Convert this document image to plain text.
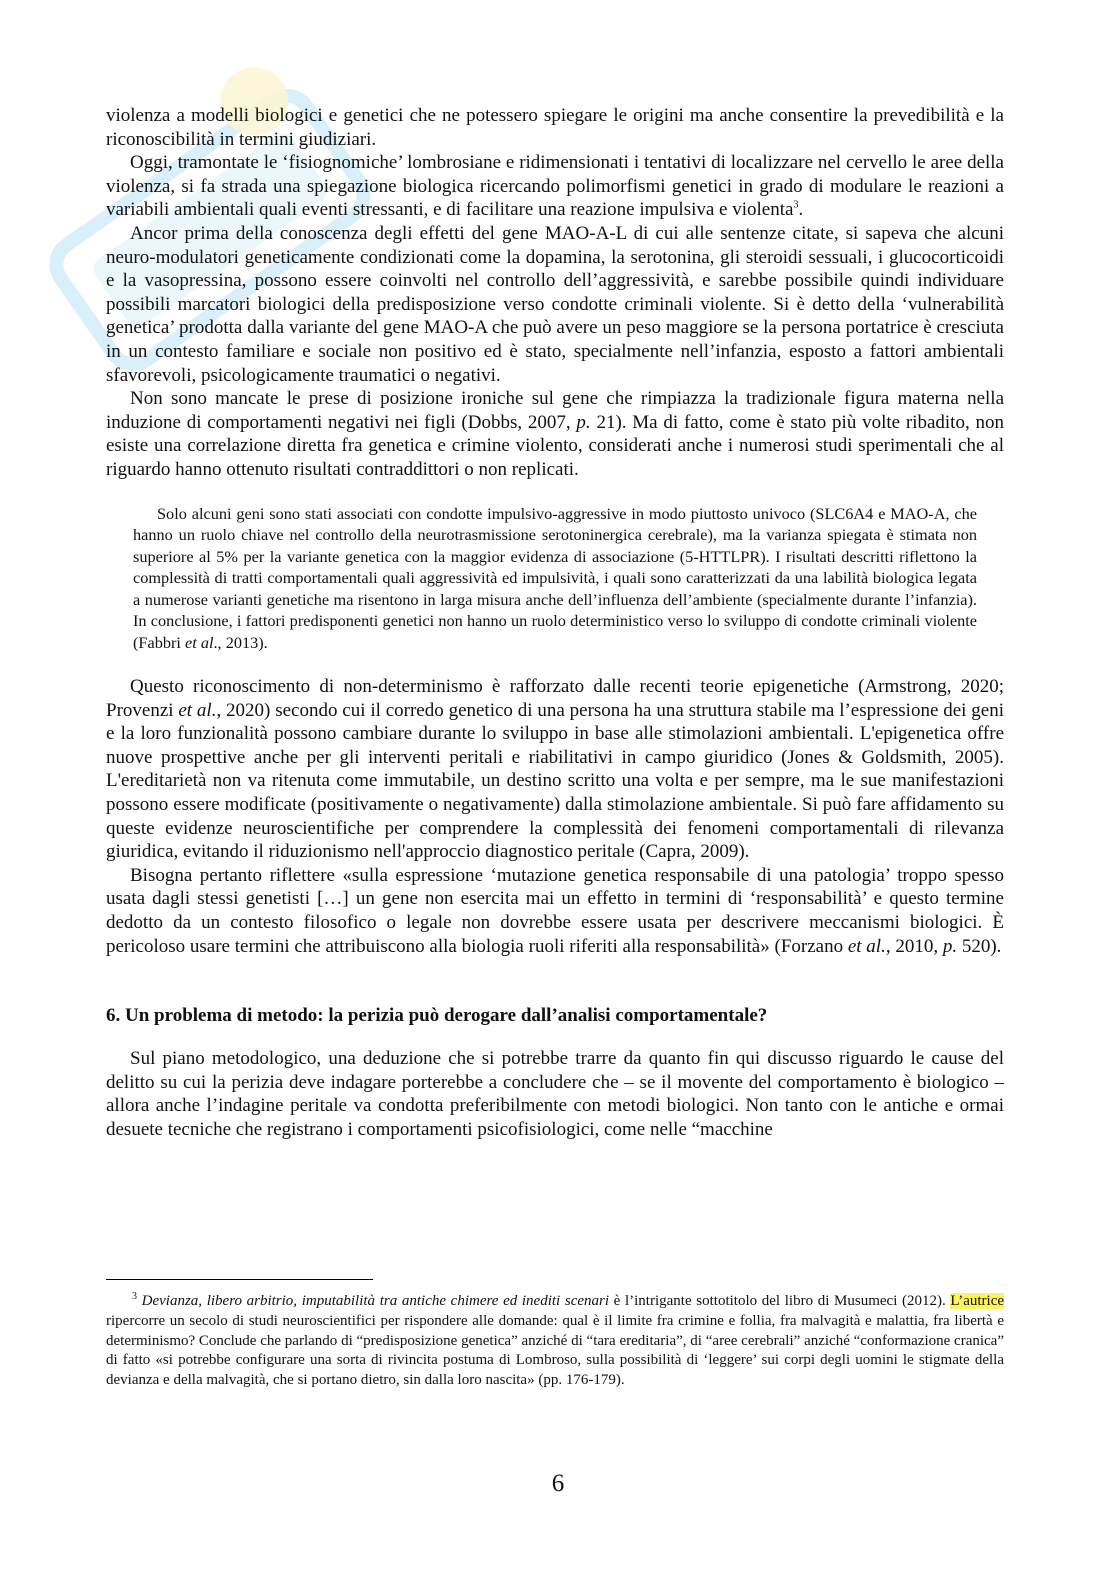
violenza a modelli biologici e genetici che ne potessero spiegare le origini ma anche consentire la prevedibilità e la riconoscibilità in termini giudiziari.

Oggi, tramontate le ‘fisiognomiche’ lombrosiane e ridimensionati i tentativi di localizzare nel cervello le aree della violenza, si fa strada una spiegazione biologica ricercando polimorfismi genetici in grado di modulare le reazioni a variabili ambientali quali eventi stressanti, e di facilitare una reazione impulsiva e violenta$^3$.

Ancor prima della conoscenza degli effetti del gene MAO-A-L di cui alle sentenze citate, si sapeva che alcuni neuro-modulatori geneticamente condizionati come la dopamina, la serotonina, gli steroidi sessuali, i glucocorticoidi e la vasopressina, possono essere coinvolti nel controllo dell’aggressività, e sarebbe possibile quindi individuare possibili marcatori biologici della predisposizione verso condotte criminali violente. Si è detto della ‘vulnerabilità genetica’ prodotta dalla variante del gene MAO-A che può avere un peso maggiore se la persona portatrice è cresciuta in un contesto familiare e sociale non positivo ed è stato, specialmente nell’infanzia, esposto a fattori ambientali sfavorevoli, psicologicamente traumatici o negativi.

Non sono mancate le prese di posizione ironiche sul gene che rimpiazza la tradizionale figura materna nella induzione di comportamenti negativi nei figli (Dobbs, 2007, p. 21). Ma di fatto, come è stato più volte ribadito, non esiste una correlazione diretta fra genetica e crimine violento, considerati anche i numerosi studi sperimentali che al riguardo hanno ottenuto risultati contraddittori o non replicati.

Solo alcuni geni sono stati associati con condotte impulsivo-aggressive in modo piuttosto univoco (SLC6A4 e MAO-A, che hanno un ruolo chiave nel controllo della neurotrasmissione serotoninergica cerebrale), ma la varianza spiegata è stimata non superiore al 5% per la variante genetica con la maggior evidenza di associazione (5-HTTLPR). I risultati descritti riflettono la complessità di tratti comportamentali quali aggressività ed impulsività, i quali sono caratterizzati da una labilità biologica legata a numerose varianti genetiche ma risentono in larga misura anche dell’influenza dell’ambiente (specialmente durante l’infanzia). In conclusione, i fattori predisponenti genetici non hanno un ruolo deterministico verso lo sviluppo di condotte criminali violente (Fabbri et al., 2013).

Questo riconoscimento di non-determinismo è rafforzato dalle recenti teorie epigenetiche (Armstrong, 2020; Provenzi et al., 2020) secondo cui il corredo genetico di una persona ha una struttura stabile ma l’espressione dei geni e la loro funzionalità possono cambiare durante lo sviluppo in base alle stimolazioni ambientali. L'epigenetica offre nuove prospettive anche per gli interventi peritali e riabilitativi in campo giuridico (Jones & Goldsmith, 2005). L'ereditarietà non va ritenuta come immutabile, un destino scritto una volta e per sempre, ma le sue manifestazioni possono essere modificate (positivamente o negativamente) dalla stimolazione ambientale. Si può fare affidamento su queste evidenze neuroscientifiche per comprendere la complessità dei fenomeni comportamentali di rilevanza giuridica, evitando il riduzionismo nell'approccio diagnostico peritale (Capra, 2009).

Bisogna pertanto riflettere «sulla espressione ‘mutazione genetica responsabile di una patologia’ troppo spesso usata dagli stessi genetisti […] un gene non esercita mai un effetto in termini di ‘responsabilità’ e questo termine dedotto da un contesto filosofico o legale non dovrebbe essere usata per descrivere meccanismi biologici. È pericoloso usare termini che attribuiscono alla biologia ruoli riferiti alla responsabilità» (Forzano et al., 2010, p. 520).

6. Un problema di metodo: la perizia può derogare dall’analisi comportamentale?

Sul piano metodologico, una deduzione che si potrebbe trarre da quanto fin qui discusso riguardo le cause del delitto su cui la perizia deve indagare porterebbe a concludere che – se il movente del comportamento è biologico – allora anche l’indagine peritale va condotta preferibilmente con metodi biologici. Non tanto con le antiche e ormai desuete tecniche che registrano i comportamenti psicofisiologici, come nelle “macchine

$^3$ Devianza, libero arbitrio, imputabilità tra antiche chimere ed inediti scenari è l’intrigante sottotitolo del libro di Musumeci (2012). L’autrice ripercorre un secolo di studi neuroscientifici per rispondere alle domande: qual è il limite fra crimine e follia, fra malvagità e malattia, fra libertà e determinismo? Conclude che parlando di “predisposizione genetica” anziché di “tara ereditaria”, di “aree cerebrali” anziché “conformazione cranica” di fatto «si potrebbe configurare una sorta di rivincita postuma di Lombroso, sulla possibilità di ‘leggere’ sui corpi degli uomini le stigmate della devianza e della malvagità, che si portano dietro, sin dalla loro nascita» (pp. 176-179).

6
